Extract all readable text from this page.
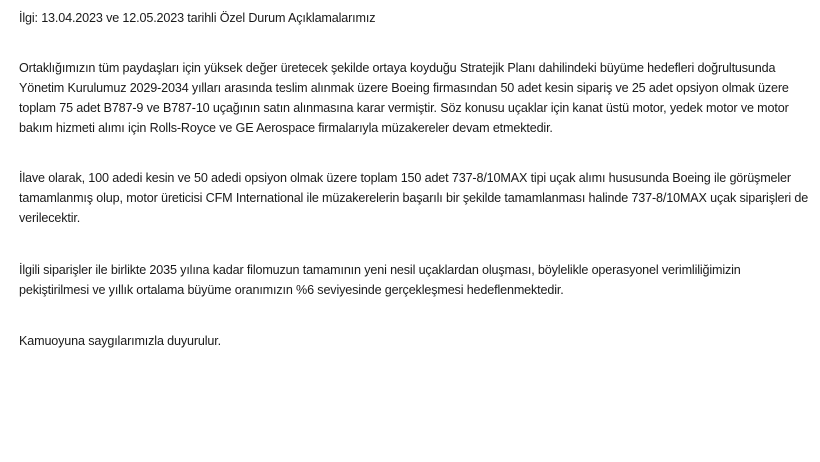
İlgi: 13.04.2023 ve 12.05.2023 tarihli Özel Durum Açıklamalarımız
Ortaklığımızın tüm paydaşları için yüksek değer üretecek şekilde ortaya koyduğu Stratejik Planı dahilindeki büyüme hedefleri doğrultusunda
Yönetim Kurulumuz 2029-2034 yılları arasında teslim alınmak üzere Boeing firmasından 50 adet kesin sipariş ve 25 adet opsiyon olmak üzere
toplam 75 adet B787-9 ve B787-10 uçağının satın alınmasına karar vermiştir. Söz konusu uçaklar için kanat üstü motor, yedek motor ve motor
bakım hizmeti alımı için Rolls-Royce ve GE Aerospace firmalarıyla müzakereler devam etmektedir.
İlave olarak, 100 adedi kesin ve 50 adedi opsiyon olmak üzere toplam 150 adet 737-8/10MAX tipi uçak alımı hususunda Boeing ile görüşmeler
tamamlanmış olup, motor üreticisi CFM International ile müzakerelerin başarılı bir şekilde tamamlanması halinde 737-8/10MAX uçak siparişleri de
verilecektir.
İlgili siparişler ile birlikte 2035 yılına kadar filomuzun tamamının yeni nesil uçaklardan oluşması, böylelikle operasyonel verimliliğimizin
pekiştirilmesi ve yıllık ortalama büyüme oranımızın %6 seviyesinde gerçekleşmesi hedeflenmektedir.
Kamuoyuna saygılarımızla duyurulur.
